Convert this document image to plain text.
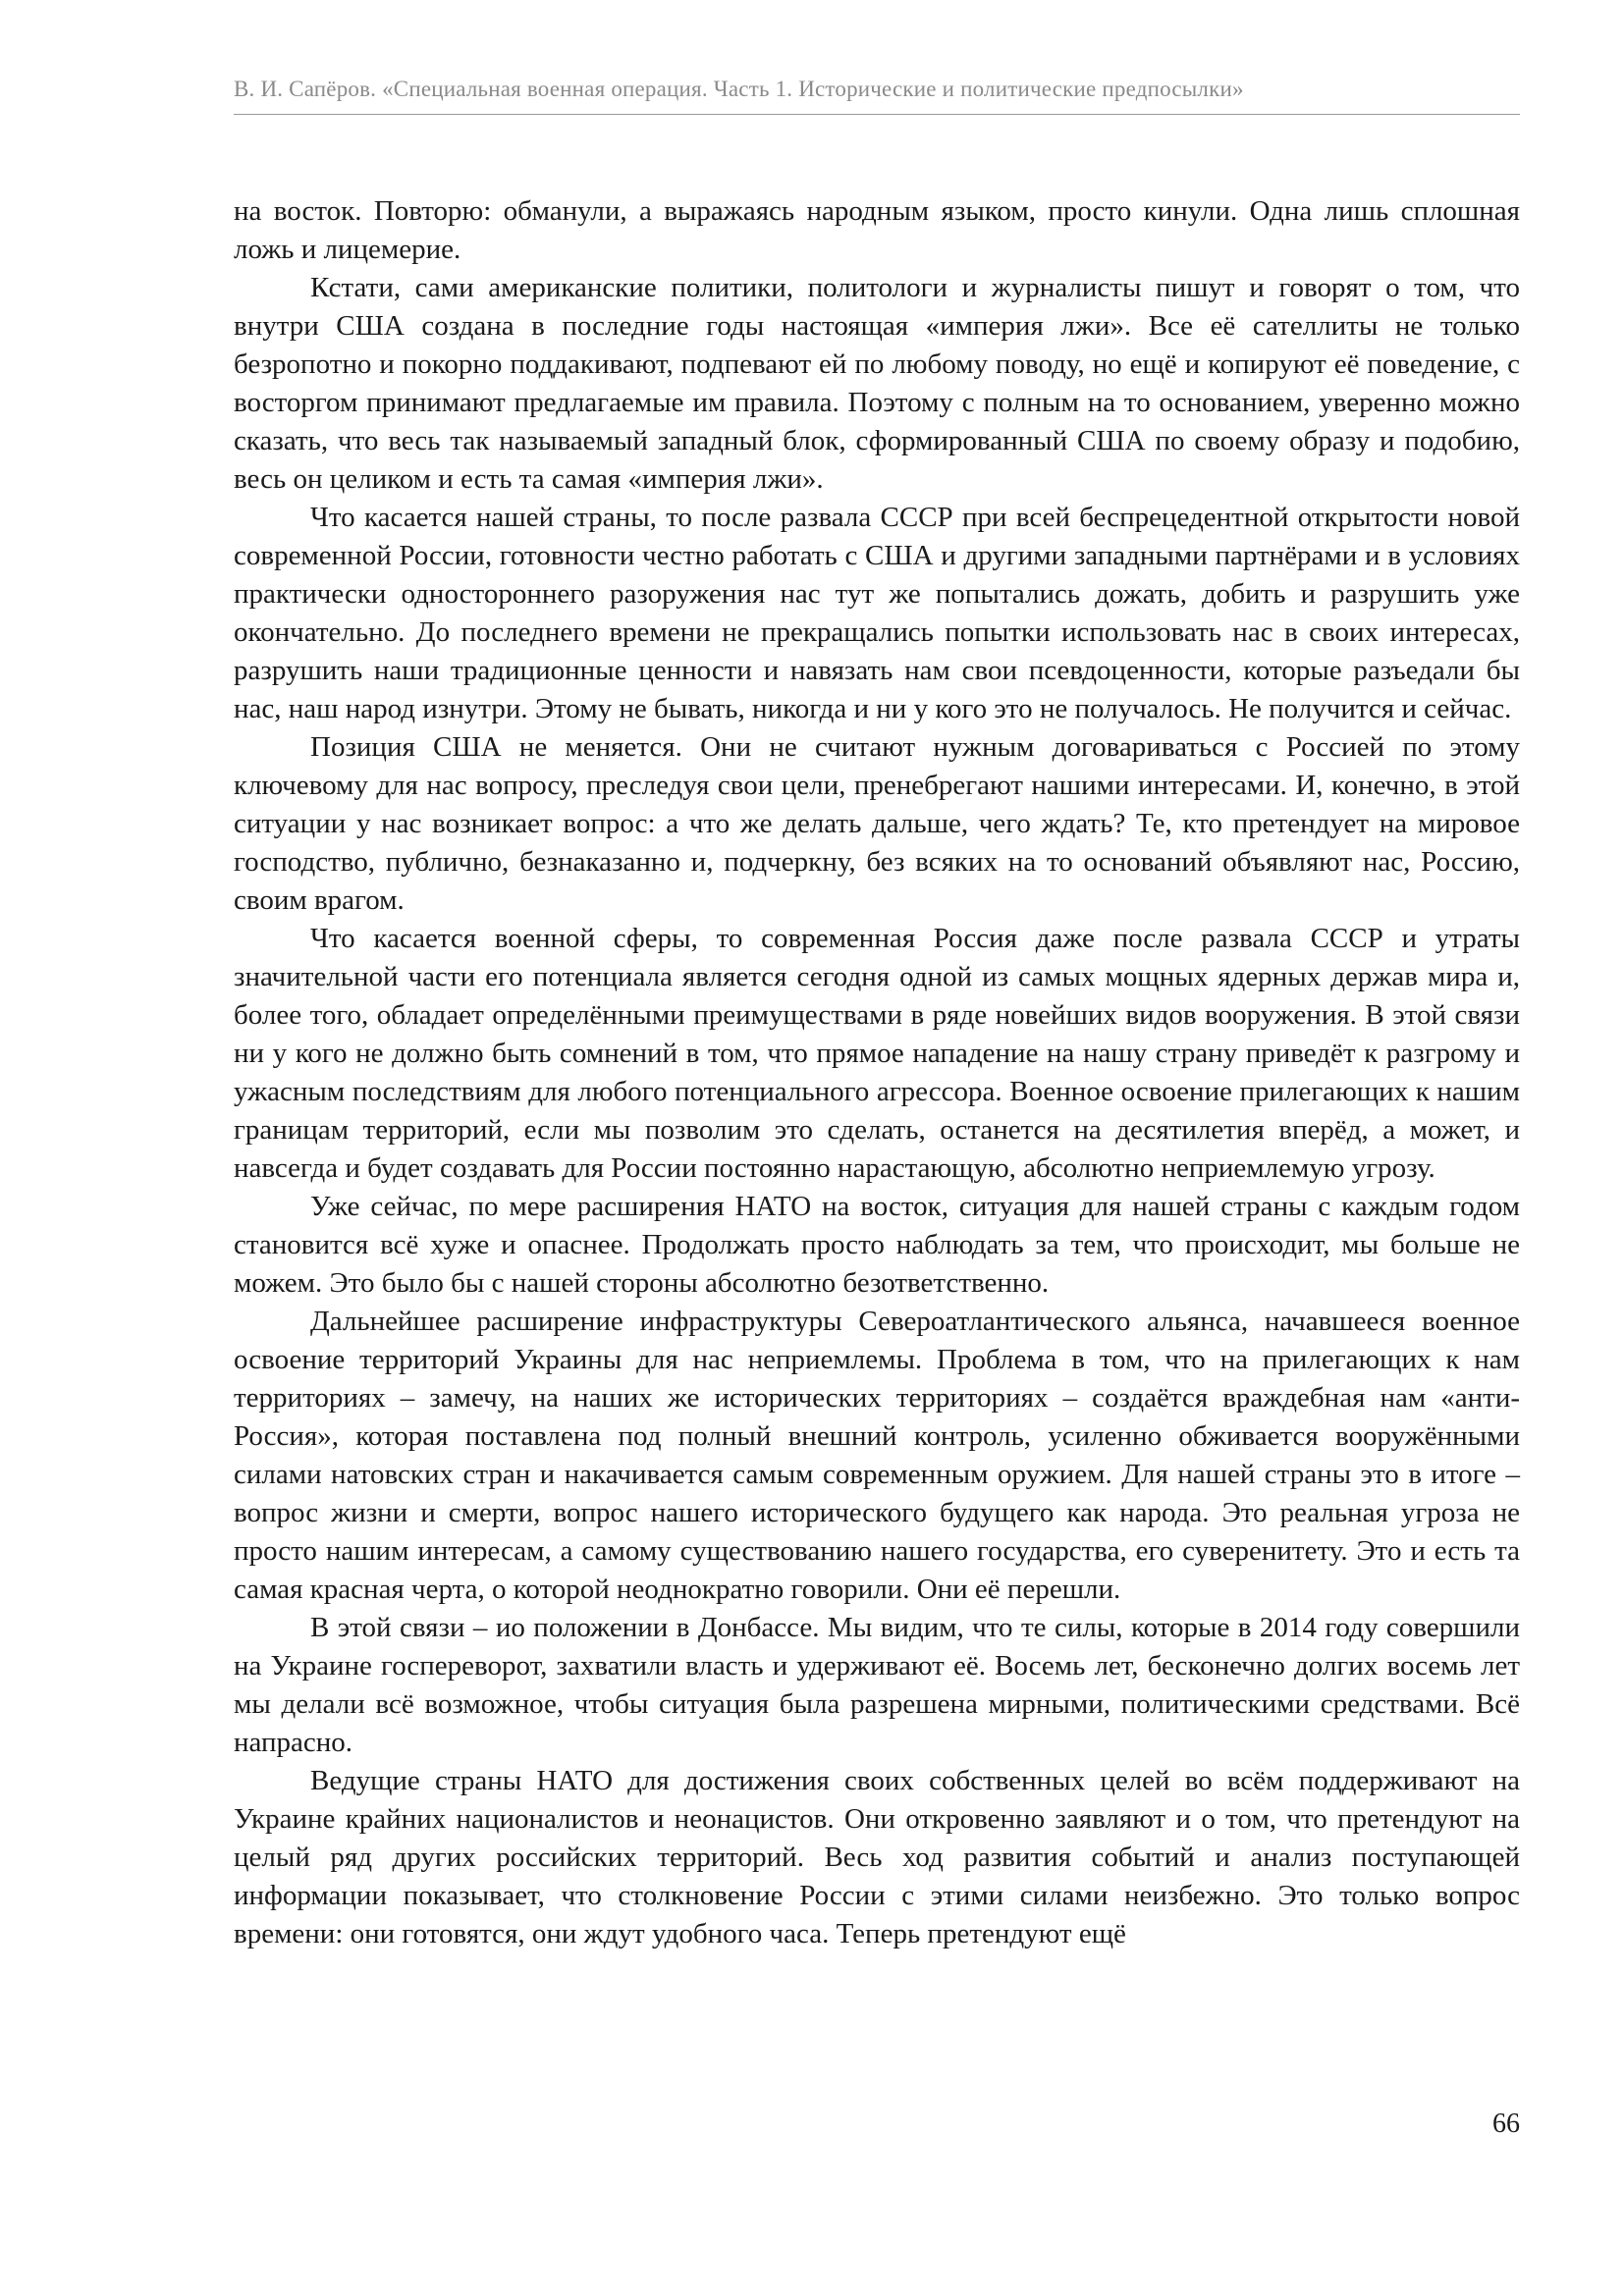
В. И. Сапёров. «Специальная военная операция. Часть 1. Исторические и политические предпосылки»

на восток. Повторю: обманули, а выражаясь народным языком, просто кинули. Одна лишь сплошная ложь и лицемерие.

Кстати, сами американские политики, политологи и журналисты пишут и говорят о том, что внутри США создана в последние годы настоящая «империя лжи». Все её сателлиты не только безропотно и покорно поддакивают, подпевают ей по любому поводу, но ещё и копируют её поведение, с восторгом принимают предлагаемые им правила. Поэтому с полным на то основанием, уверенно можно сказать, что весь так называемый западный блок, сформированный США по своему образу и подобию, весь он целиком и есть та самая «империя лжи».

Что касается нашей страны, то после развала СССР при всей беспрецедентной открытости новой современной России, готовности честно работать с США и другими западными партнёрами и в условиях практически одностороннего разоружения нас тут же попытались дожать, добить и разрушить уже окончательно. До последнего времени не прекращались попытки использовать нас в своих интересах, разрушить наши традиционные ценности и навязать нам свои псевдоценности, которые разъедали бы нас, наш народ изнутри. Этому не бывать, никогда и ни у кого это не получалось. Не получится и сейчас.

Позиция США не меняется. Они не считают нужным договариваться с Россией по этому ключевому для нас вопросу, преследуя свои цели, пренебрегают нашими интересами. И, конечно, в этой ситуации у нас возникает вопрос: а что же делать дальше, чего ждать? Те, кто претендует на мировое господство, публично, безнаказанно и, подчеркну, без всяких на то оснований объявляют нас, Россию, своим врагом.

Что касается военной сферы, то современная Россия даже после развала СССР и утраты значительной части его потенциала является сегодня одной из самых мощных ядерных держав мира и, более того, обладает определёнными преимуществами в ряде новейших видов вооружения. В этой связи ни у кого не должно быть сомнений в том, что прямое нападение на нашу страну приведёт к разгрому и ужасным последствиям для любого потенциального агрессора. Военное освоение прилегающих к нашим границам территорий, если мы позволим это сделать, останется на десятилетия вперёд, а может, и навсегда и будет создавать для России постоянно нарастающую, абсолютно неприемлемую угрозу.

Уже сейчас, по мере расширения НАТО на восток, ситуация для нашей страны с каждым годом становится всё хуже и опаснее. Продолжать просто наблюдать за тем, что происходит, мы больше не можем. Это было бы с нашей стороны абсолютно безответственно.

Дальнейшее расширение инфраструктуры Североатлантического альянса, начавшееся военное освоение территорий Украины для нас неприемлемы. Проблема в том, что на прилегающих к нам территориях – замечу, на наших же исторических территориях – создаётся враждебная нам «анти-Россия», которая поставлена под полный внешний контроль, усиленно обживается вооружёнными силами натовских стран и накачивается самым современным оружием. Для нашей страны это в итоге – вопрос жизни и смерти, вопрос нашего исторического будущего как народа. Это реальная угроза не просто нашим интересам, а самому существованию нашего государства, его суверенитету. Это и есть та самая красная черта, о которой неоднократно говорили. Они её перешли.

В этой связи – ио положении в Донбассе. Мы видим, что те силы, которые в 2014 году совершили на Украине госпереворот, захватили власть и удерживают её. Восемь лет, бесконечно долгих восемь лет мы делали всё возможное, чтобы ситуация была разрешена мирными, политическими средствами. Всё напрасно.

Ведущие страны НАТО для достижения своих собственных целей во всём поддерживают на Украине крайних националистов и неонацистов. Они откровенно заявляют и о том, что претендуют на целый ряд других российских территорий. Весь ход развития событий и анализ поступающей информации показывает, что столкновение России с этими силами неизбежно. Это только вопрос времени: они готовятся, они ждут удобного часа. Теперь претендуют ещё

66
